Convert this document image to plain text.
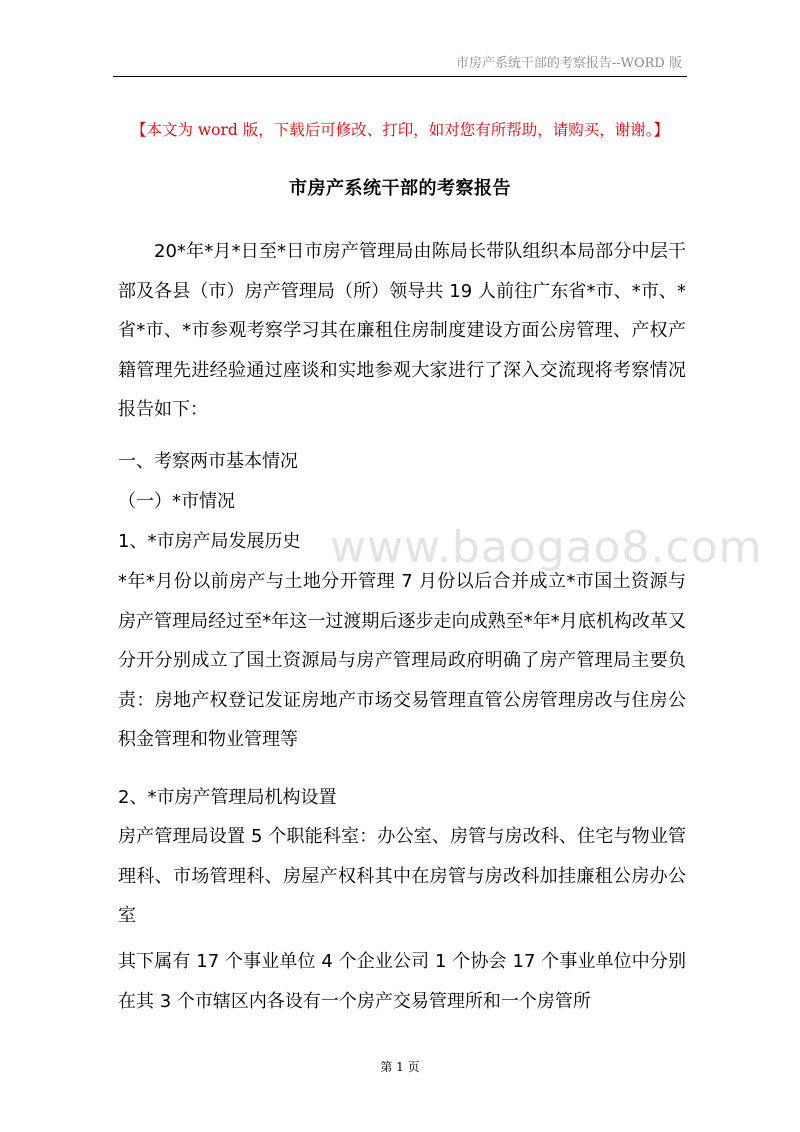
市房产系统干部的考察报告--WORD 版
【本文为 word 版，下载后可修改、打印，如对您有所帮助，请购买，谢谢。】
市房产系统干部的考察报告
www.baogao8.com

20*年*月*日至*日市房产管理局由陈局长带队组织本局部分中层干部及各县（市）房产管理局（所）领导共 19 人前往广东省*市、*市、*省*市、*市参观考察学习其在廉租住房制度建设方面公房管理、产权产籍管理先进经验通过座谈和实地参观大家进行了深入交流现将考察情况报告如下：

一、考察两市基本情况

（一）*市情况

1、*市房产局发展历史

*年*月份以前房产与土地分开管理 7 月份以后合并成立*市国土资源与房产管理局经过至*年这一过渡期后逐步走向成熟至*年*月底机构改革又分开分别成立了国土资源局与房产管理局政府明确了房产管理局主要负责：房地产权登记发证房地产市场交易管理直管公房管理房改与住房公积金管理和物业管理等

2、*市房产管理局机构设置

房产管理局设置 5 个职能科室：办公室、房管与房改科、住宅与物业管理科、市场管理科、房屋产权科其中在房管与房改科加挂廉租公房办公室

其下属有 17 个事业单位 4 个企业公司 1 个协会 17 个事业单位中分别在其 3 个市辖区内各设有一个房产交易管理所和一个房管所

第 1 页
